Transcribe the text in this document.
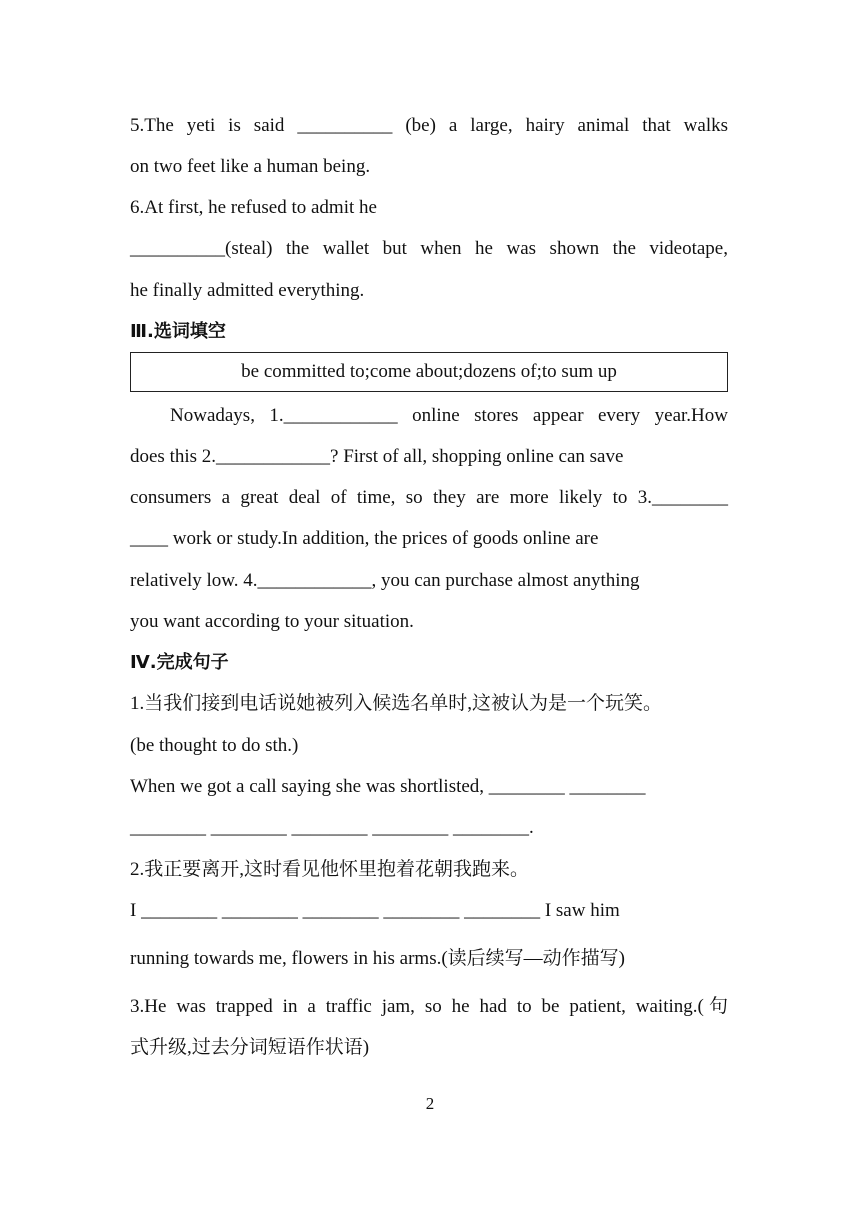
5.The yeti is said __________ (be) a large, hairy animal that walks
on two feet like a human being.
6.At first, he refused to admit he
__________(steal) the wallet but when he was shown the videotape,
he finally admitted everything.
Ⅲ.选词填空
be committed to;come about;dozens of;to sum up
Nowadays, 1.____________ online stores appear every year.How
does this 2.____________? First of all, shopping online can save
consumers a great deal of time, so they are more likely to 3.________
____ work or study.In addition, the prices of goods online are
relatively low. 4.____________, you can purchase almost anything
you want according to your situation.
Ⅳ.完成句子
1.当我们接到电话说她被列入候选名单时,这被认为是一个玩笑。
(be thought to do sth.)
When we got a call saying she was shortlisted, ________ ________
________ ________ ________ ________ ________.
2.我正要离开,这时看见他怀里抱着花朝我跑来。
I ________ ________ ________ ________ ________ I saw him
running towards me, flowers in his arms.(读后续写—动作描写)
3.He was trapped in a traffic jam, so he had to be patient, waiting.(句
式升级,过去分词短语作状语)
2
